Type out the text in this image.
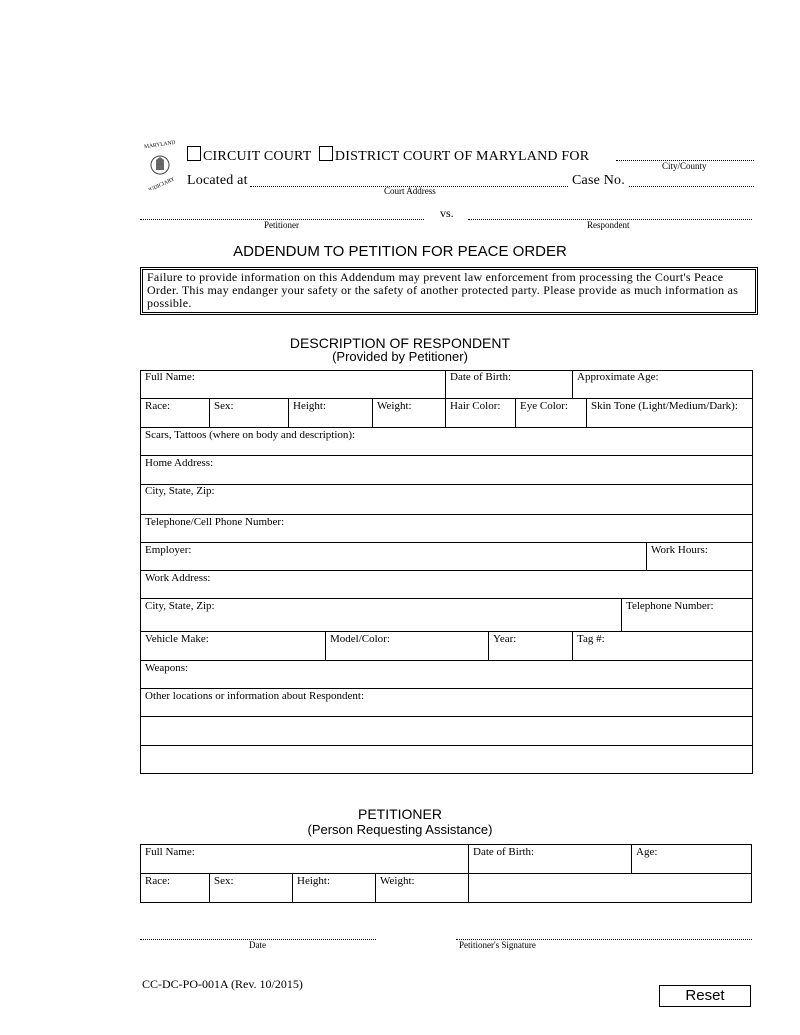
MARYLAND
JUDICIARY
CIRCUIT COURT DISTRICT COURT OF MARYLAND FOR
City/County
Located at
Court Address
Case No.
Petitioner
vs.
Respondent
ADDENDUM TO PETITION FOR PEACE ORDER
Failure to provide information on this Addendum may prevent law enforcement from processing the Court's Peace Order. This may endanger your safety or the safety of another protected party. Please provide as much information as possible.
DESCRIPTION OF RESPONDENT
(Provided by Petitioner)
Full Name:	Date of Birth:	Approximate Age:
Race:	Sex:	Height:	Weight:	Hair Color:	Eye Color:	Skin Tone (Light/Medium/Dark):
Scars, Tattoos (where on body and description):
Home Address:
City, State, Zip:
Telephone/Cell Phone Number:
Employer:	Work Hours:
Work Address:
City, State, Zip:	Telephone Number:
Vehicle Make:	Model/Color:	Year:	Tag #:
Weapons:
Other locations or information about Respondent:
PETITIONER
(Person Requesting Assistance)
Full Name:	Date of Birth:	Age:
Race:	Sex:	Height:	Weight:
Date	Petitioner's Signature
CC-DC-PO-001A (Rev. 10/2015)
Reset
